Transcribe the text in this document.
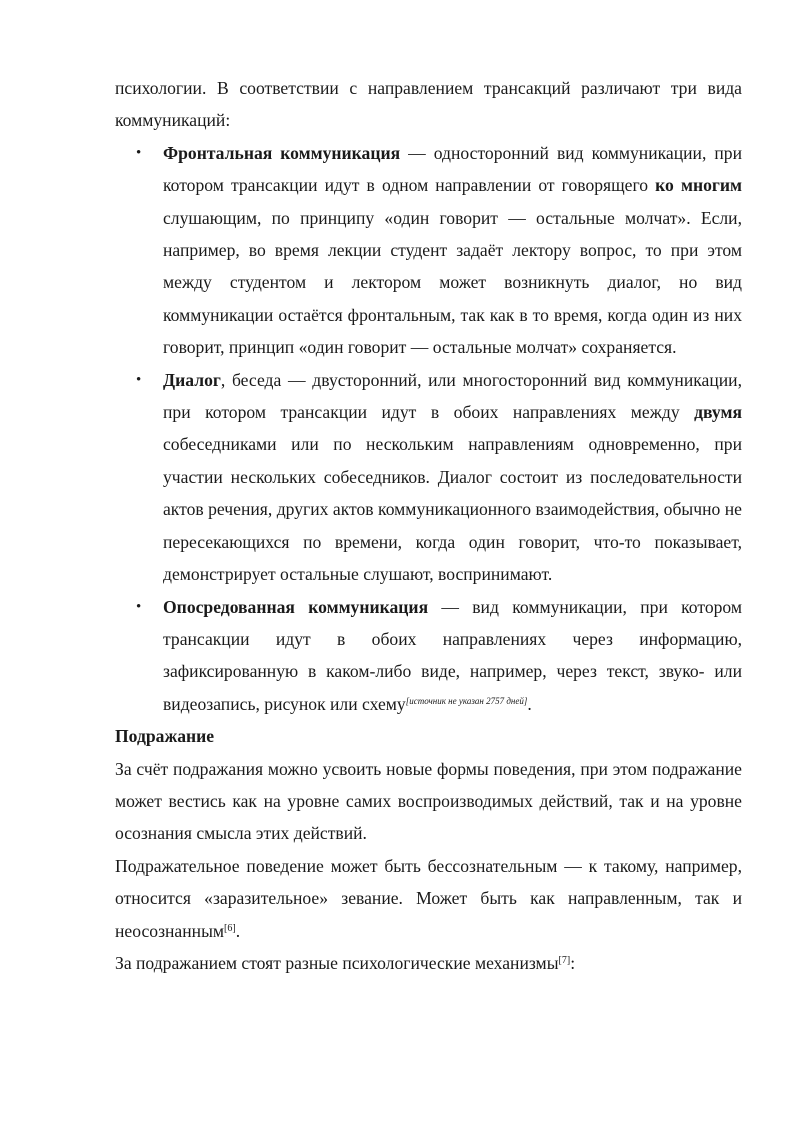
психологии. В соответствии с направлением трансакций различают три вида коммуникаций:

• Фронтальная коммуникация — односторонний вид коммуникации, при котором трансакции идут в одном направлении от говорящего ко многим слушающим, по принципу «один говорит — остальные молчат». Если, например, во время лекции студент задаёт лектору вопрос, то при этом между студентом и лектором может возникнуть диалог, но вид коммуникации остаётся фронтальным, так как в то время, когда один из них говорит, принцип «один говорит — остальные молчат» сохраняется.
• Диалог, беседа — двусторонний, или многосторонний вид коммуникации, при котором трансакции идут в обоих направлениях между двумя собеседниками или по нескольким направлениям одновременно, при участии нескольких собеседников. Диалог состоит из последовательности актов речения, других актов коммуникационного взаимодействия, обычно не пересекающихся по времени, когда один говорит, что-то показывает, демонстрирует остальные слушают, воспринимают.
• Опосредованная коммуникация — вид коммуникации, при котором трансакции идут в обоих направлениях через информацию, зафиксированную в каком-либо виде, например, через текст, звуко- или видеозапись, рисунок или схему[источник не указан 2757 дней].
Подражание

За счёт подражания можно усвоить новые формы поведения, при этом подражание может вестись как на уровне самих воспроизводимых действий, так и на уровне осознания смысла этих действий.

Подражательное поведение может быть бессознательным — к такому, например, относится «заразительное» зевание. Может быть как направленным, так и неосознанным[6].

За подражанием стоят разные психологические механизмы[7]:
